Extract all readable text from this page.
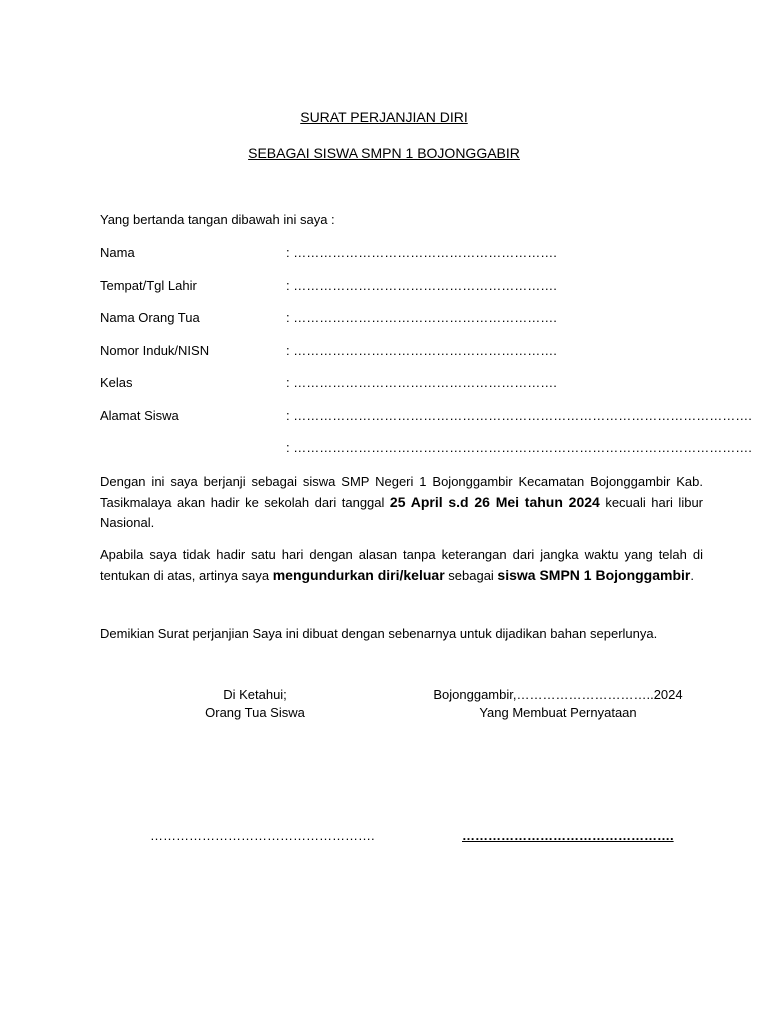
SURAT PERJANJIAN DIRI
SEBAGAI SISWA SMPN 1 BOJONGGABIR

Yang bertanda tangan dibawah ini saya :

Nama	: …………………………………………………….
Tempat/Tgl Lahir	: …………………………………………………….
Nama Orang Tua	: …………………………………………………….
Nomor Induk/NISN	: …………………………………………………….
Kelas	: …………………………………………………….
Alamat Siswa	: …………………………………………………………………………………………….
: …………………………………………………………………………………………….

Dengan ini saya berjanji sebagai siswa SMP Negeri 1 Bojonggambir Kecamatan Bojonggambir Kab. Tasikmalaya akan hadir ke sekolah dari tanggal 25 April s.d 26 Mei tahun 2024 kecuali hari libur Nasional.

Apabila saya tidak hadir satu hari dengan alasan tanpa keterangan dari jangka waktu yang telah di tentukan di atas, artinya saya mengundurkan diri/keluar sebagai siswa SMPN 1 Bojonggambir.

Demikian Surat perjanjian Saya ini dibuat dengan sebenarnya untuk dijadikan bahan seperlunya.

Di Ketahui;
Orang Tua Siswa
Bojonggambir,…………………………..2024
Yang Membuat Pernyataan
…………………………………………….	………………………………………….
